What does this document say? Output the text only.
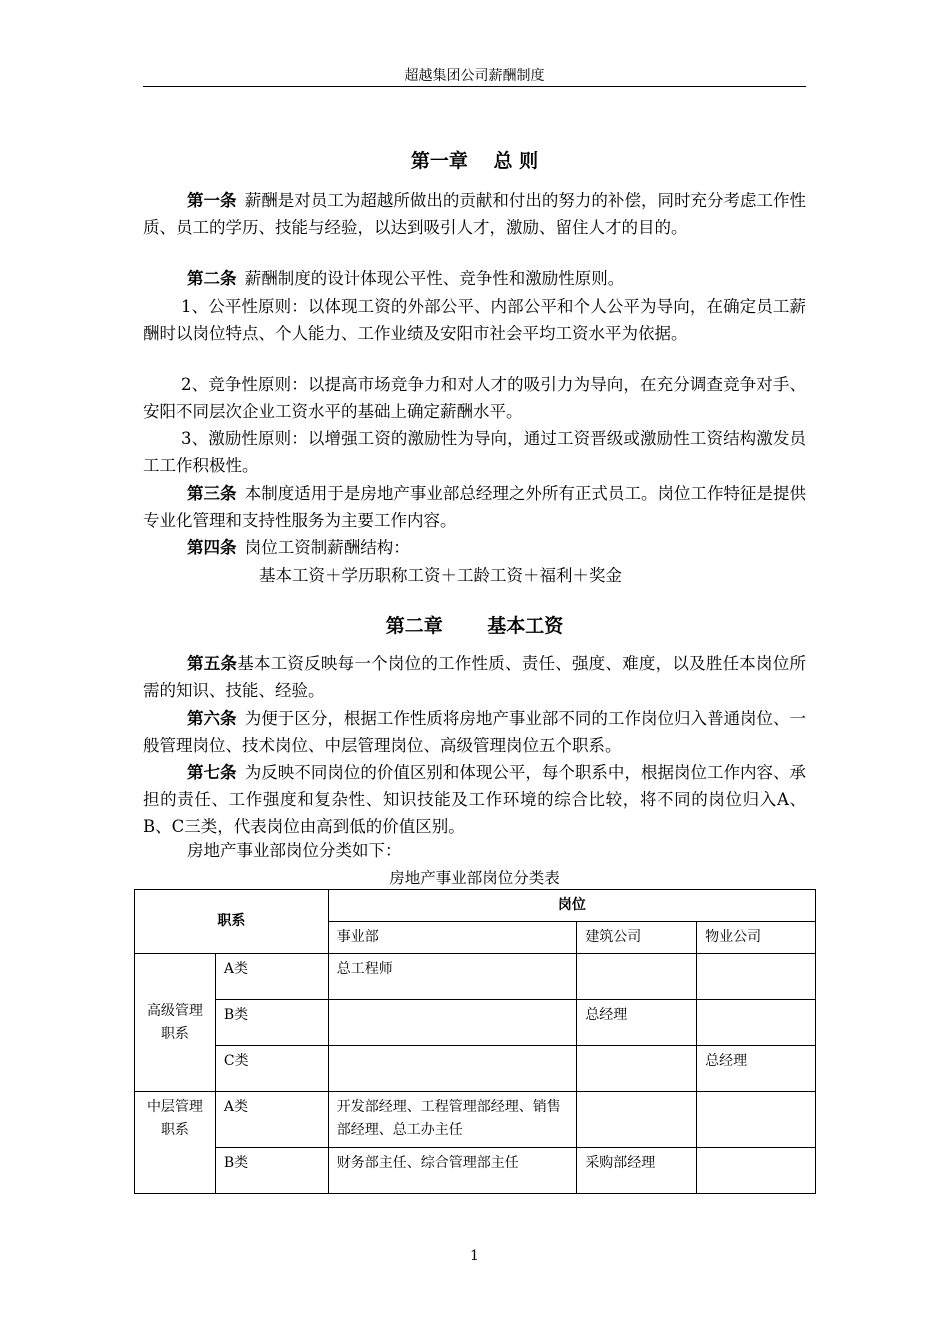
超越集团公司薪酬制度
第一章　 总 则
第一条  薪酬是对员工为超越所做出的贡献和付出的努力的补偿，同时充分考虑工作性质、员工的学历、技能与经验，以达到吸引人才，激励、留住人才的目的。
第二条  薪酬制度的设计体现公平性、竞争性和激励性原则。
1、公平性原则：以体现工资的外部公平、内部公平和个人公平为导向，在确定员工薪酬时以岗位特点、个人能力、工作业绩及安阳市社会平均工资水平为依据。
2、竞争性原则：以提高市场竞争力和对人才的吸引力为导向，在充分调查竞争对手、安阳不同层次企业工资水平的基础上确定薪酬水平。
3、激励性原则：以增强工资的激励性为导向，通过工资晋级或激励性工资结构激发员工工作积极性。
第三条  本制度适用于是房地产事业部总经理之外所有正式员工。岗位工作特征是提供专业化管理和支持性服务为主要工作内容。
第四条  岗位工资制薪酬结构：
基本工资＋学历职称工资＋工龄工资＋福利＋奖金
第二章　　 基本工资
第五条基本工资反映每一个岗位的工作性质、责任、强度、难度，以及胜任本岗位所需的知识、技能、经验。
第六条  为便于区分，根据工作性质将房地产事业部不同的工作岗位归入普通岗位、一般管理岗位、技术岗位、中层管理岗位、高级管理岗位五个职系。
第七条  为反映不同岗位的价值区别和体现公平，每个职系中，根据岗位工作内容、承担的责任、工作强度和复杂性、知识技能及工作环境的综合比较，将不同的岗位归入A、B、C三类，代表岗位由高到低的价值区别。
房地产事业部岗位分类如下：
房地产事业部岗位分类表
职系		岗位		
		事业部	建筑公司	物业公司
高级管理职系	A类	总工程师		
	B类		总经理	
	C类			总经理
中层管理职系	A类	开发部经理、工程管理部经理、销售部经理、总工办主任		
	B类	财务部主任、综合管理部主任	采购部经理	
1
